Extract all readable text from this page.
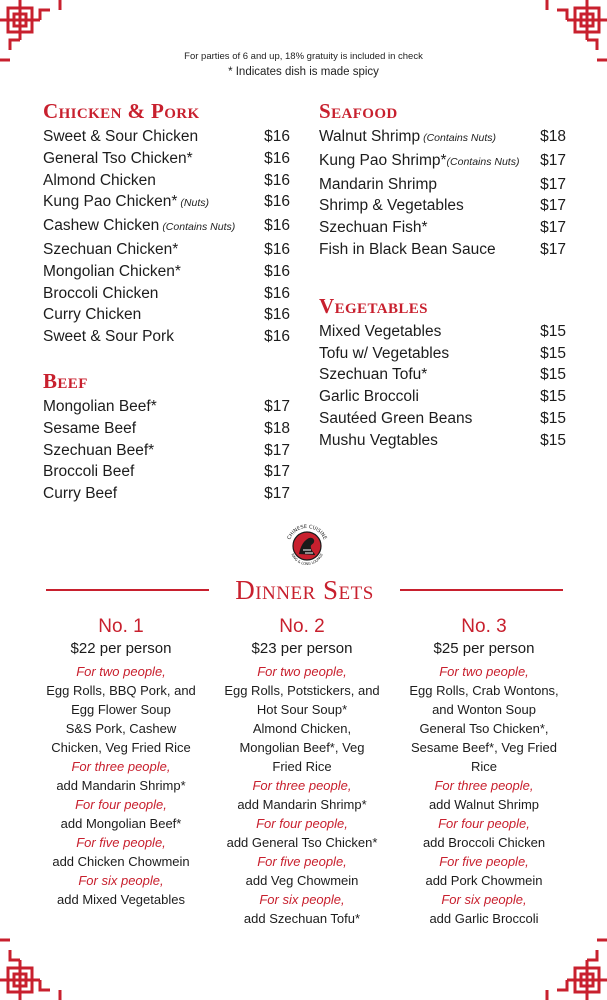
For parties of 6 and up, 18% gratuity is included in check
* Indicates dish is made spicy
Chicken & Pork
Sweet & Sour Chicken	$16
General Tso Chicken*	$16
Almond Chicken	$16
Kung Pao Chicken* (Nuts)	$16
Cashew Chicken (Contains Nuts) $16
Szechuan Chicken*	$16
Mongolian Chicken*	$16
Broccoli Chicken	$16
Curry Chicken	$16
Sweet & Sour Pork	$16
Beef
Mongolian Beef*	$17
Sesame Beef	$18
Szechuan Beef*	$17
Broccoli Beef	$17
Curry Beef	$17
Seafood
Walnut Shrimp (Contains Nuts)	$18
Kung Pao Shrimp*(Contains Nuts) $17
Mandarin Shrimp	$17
Shrimp & Vegetables	$17
Szechuan Fish*	$17
Fish in Black Bean Sauce	$17
Vegetables
Mixed Vegetables	$15
Tofu w/ Vegetables	$15
Szechuan Tofu*	$15
Garlic Broccoli	$15
Sautéed Green Beans	$15
Mushu Vegtables	$15
CHINESE CUISINE
RING & LONG LOUNGE
Dinner Sets
No. 1
$22 per person
For two people,
Egg Rolls, BBQ Pork, and
Egg Flower Soup
S&S Pork, Cashew
Chicken, Veg Fried Rice
For three people,
add Mandarin Shrimp*
For four people,
add Mongolian Beef*
For five people,
add Chicken Chowmein
For six people,
add Mixed Vegetables
No. 2
$23 per person
For two people,
Egg Rolls, Potstickers, and
Hot Sour Soup*
Almond Chicken,
Mongolian Beef*, Veg
Fried Rice
For three people,
add Mandarin Shrimp*
For four people,
add General Tso Chicken*
For five people,
add Veg Chowmein
For six people,
add Szechuan Tofu*
No. 3
$25 per person
For two people,
Egg Rolls, Crab Wontons,
and Wonton Soup
General Tso Chicken*,
Sesame Beef*, Veg Fried
Rice
For three people,
add Walnut Shrimp
For four people,
add Broccoli Chicken
For five people,
add Pork Chowmein
For six people,
add Garlic Broccoli
